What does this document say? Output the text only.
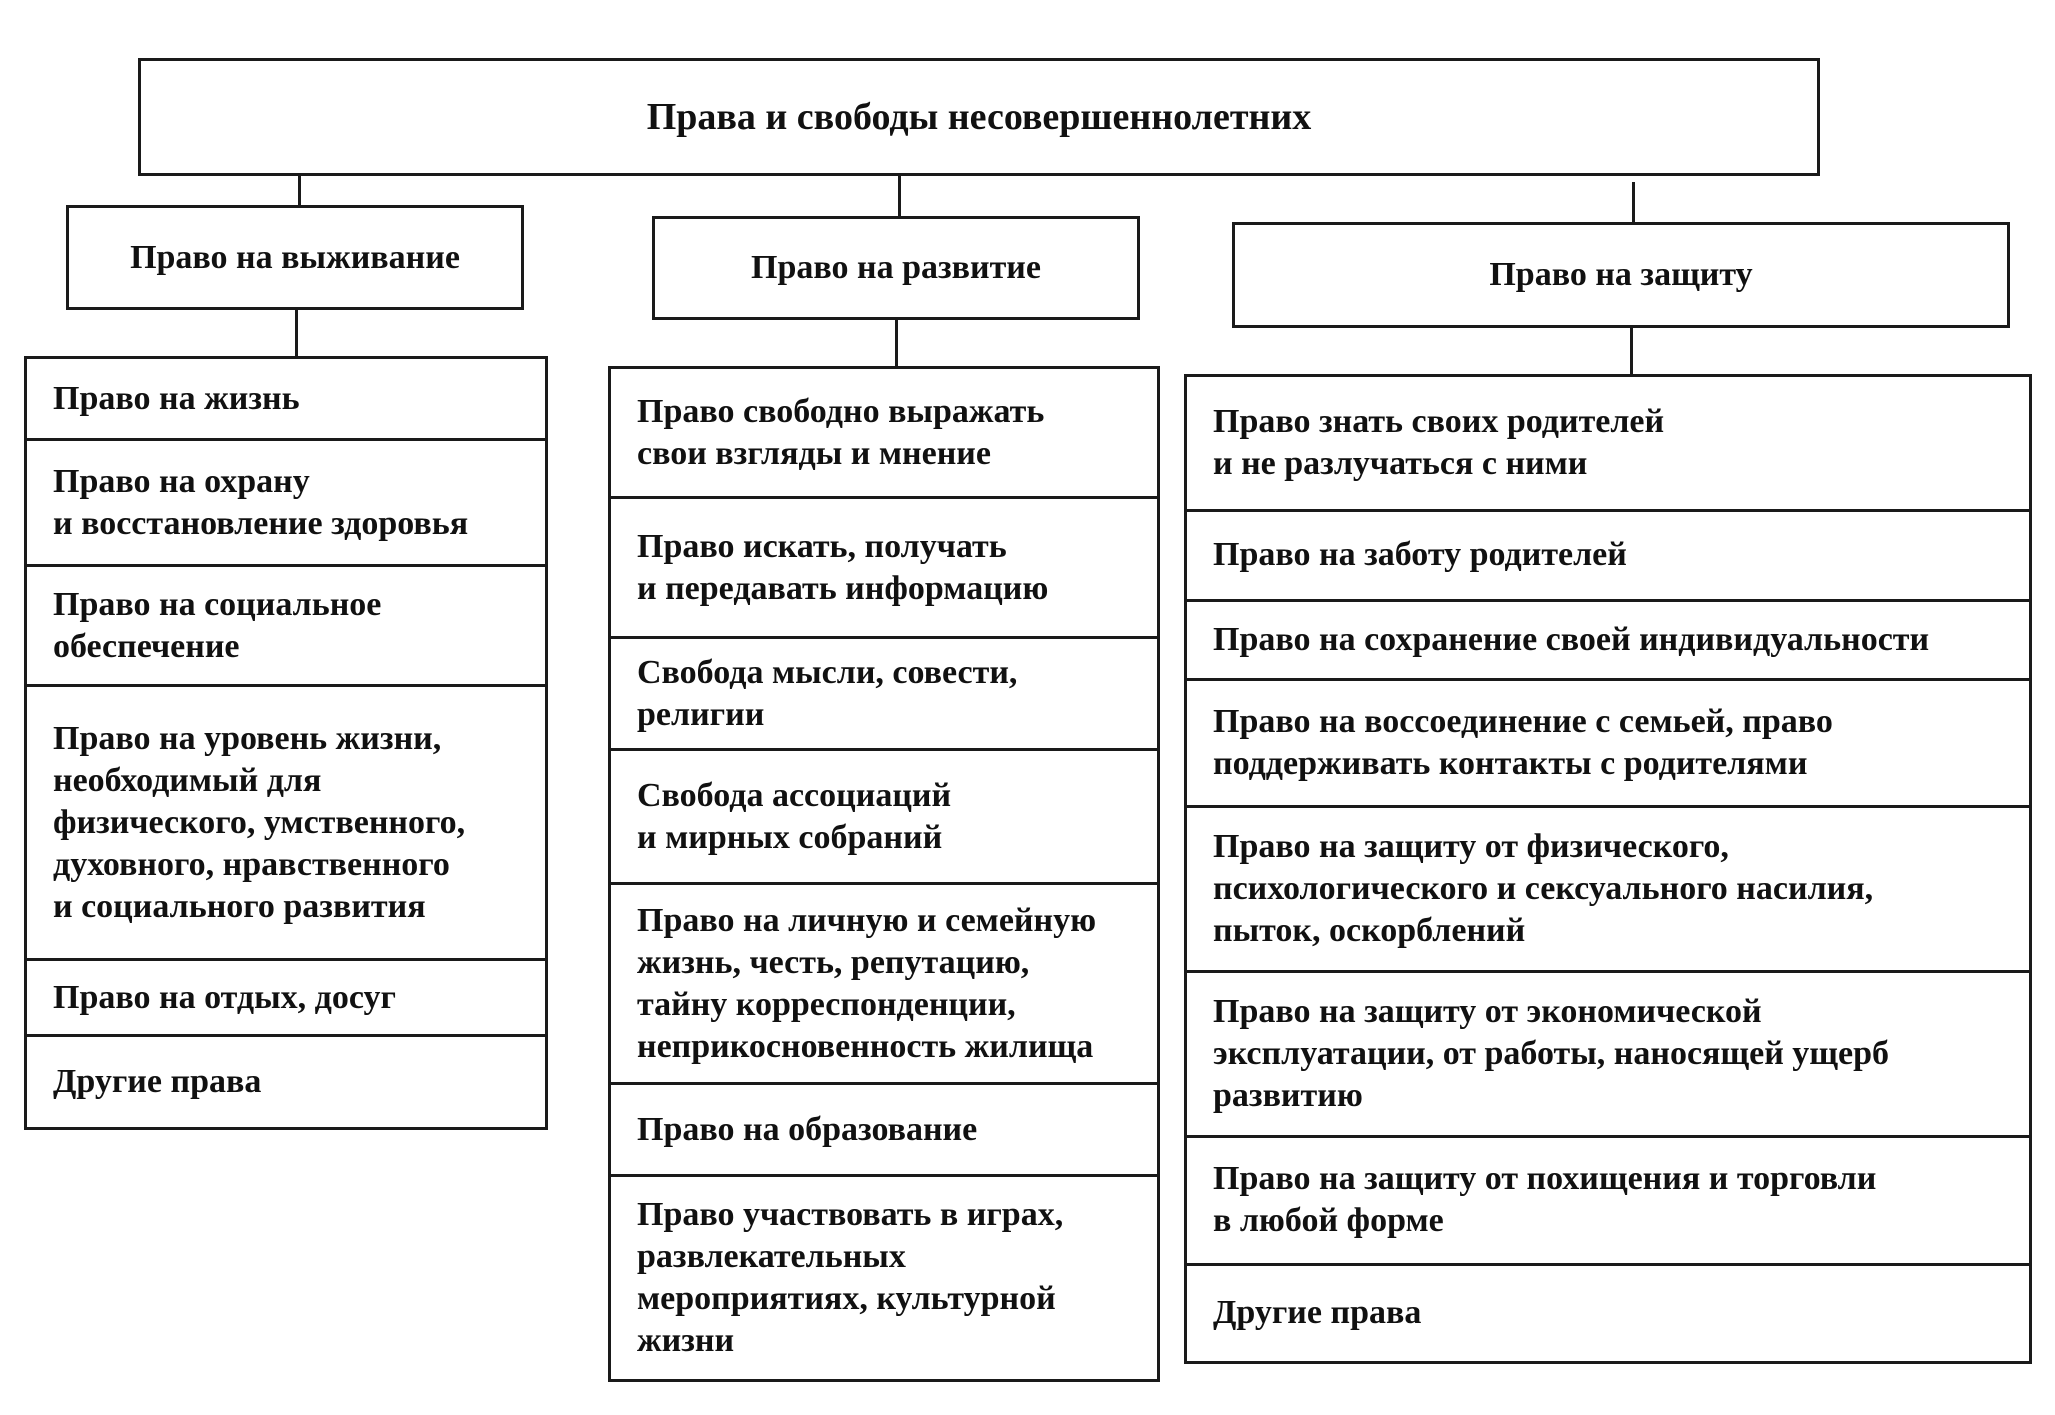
Права и свободы несовершеннолетних
Право на выживание	Право на развитие	Право на защиту
Право на жизнь
Право на охрану
и восстановление здоровья
Право на социальное
обеспечение
Право на уровень жизни,
необходимый для
физического, умственного,
духовного, нравственного
и социального развития
Право на отдых, досуг
Другие права
Право свободно выражать
свои взгляды и мнение
Право искать, получать
и передавать информацию
Свобода мысли, совести,
религии
Свобода ассоциаций
и мирных собраний
Право на личную и семейную
жизнь, честь, репутацию,
тайну корреспонденции,
неприкосновенность жилища
Право на образование
Право участвовать в играх,
развлекательных
мероприятиях, культурной
жизни
Право знать своих родителей
и не разлучаться с ними
Право на заботу родителей
Право на сохранение своей индивидуальности
Право на воссоединение с семьей, право
поддерживать контакты с родителями
Право на защиту от физического,
психологического и сексуального насилия,
пыток, оскорблений
Право на защиту от экономической
эксплуатации, от работы, наносящей ущерб
развитию
Право на защиту от похищения и торговли
в любой форме
Другие права
